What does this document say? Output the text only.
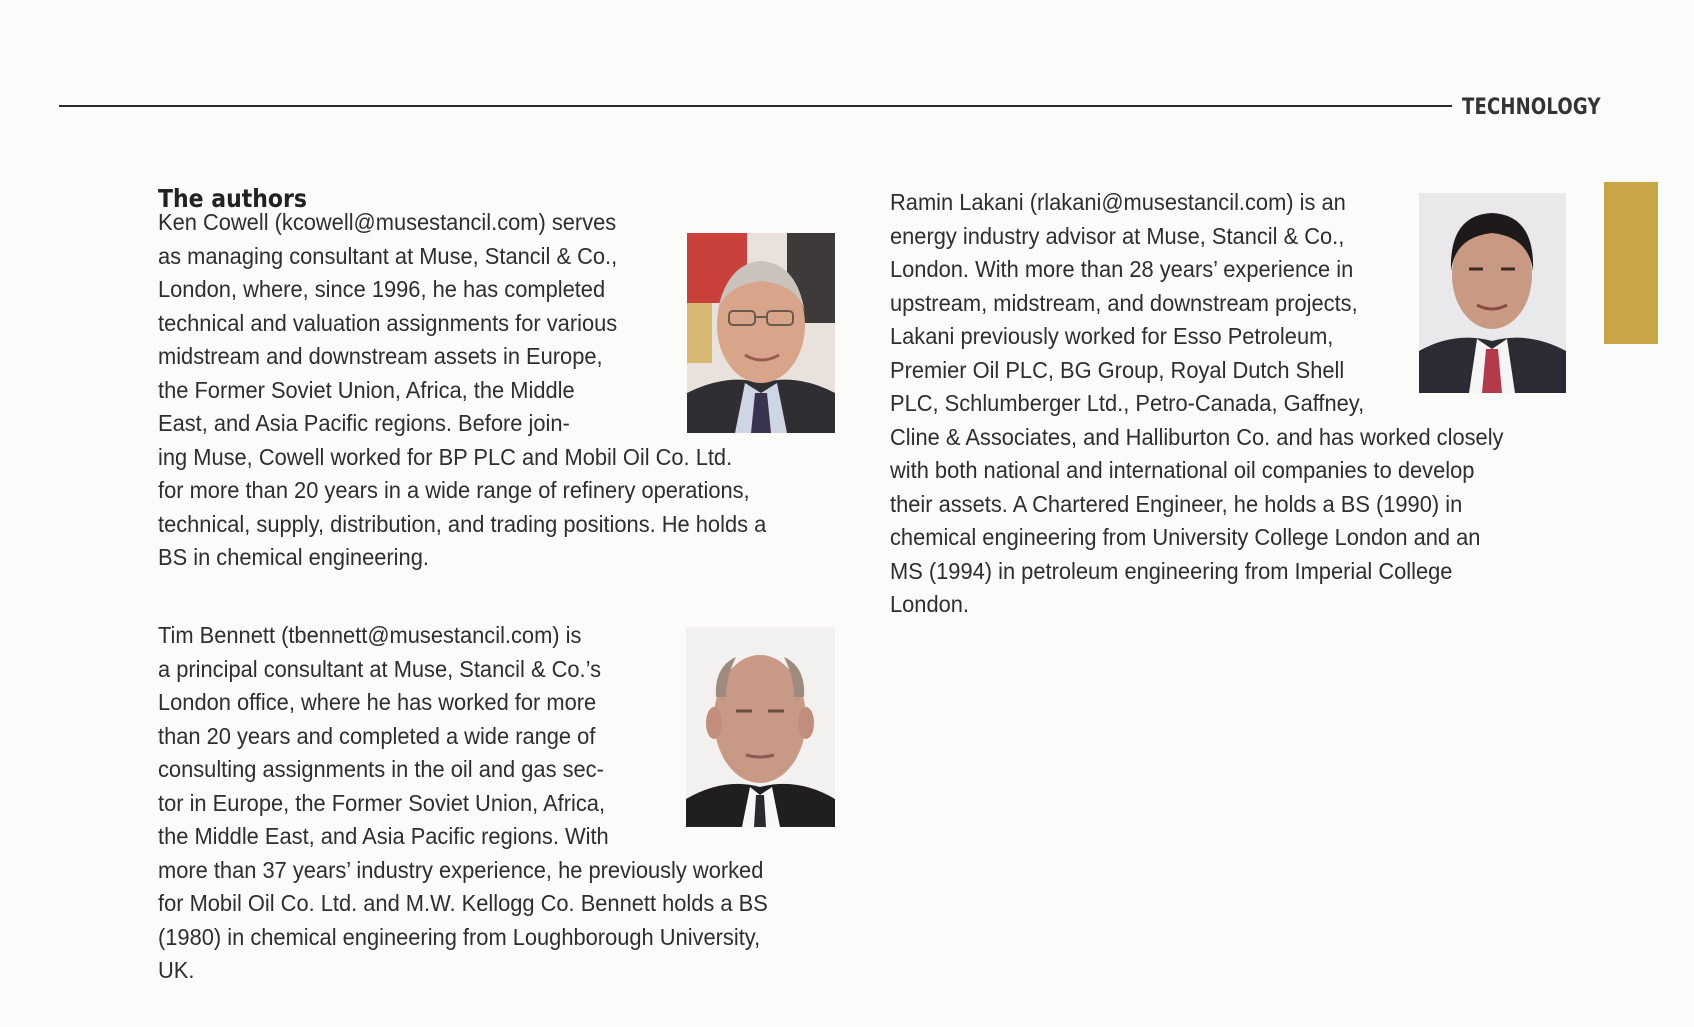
TECHNOLOGY
The authors

Ken Cowell (kcowell@musestancil.com) serves
as managing consultant at Muse, Stancil & Co.,
London, where, since 1996, he has completed
technical and valuation assignments for various
midstream and downstream assets in Europe,
the Former Soviet Union, Africa, the Middle
East, and Asia Pacific regions. Before join-
ing Muse, Cowell worked for BP PLC and Mobil Oil Co. Ltd.
for more than 20 years in a wide range of refinery operations,
technical, supply, distribution, and trading positions. He holds a
BS in chemical engineering.

Tim Bennett (tbennett@musestancil.com) is
a principal consultant at Muse, Stancil & Co.’s
London office, where he has worked for more
than 20 years and completed a wide range of
consulting assignments in the oil and gas sec-
tor in Europe, the Former Soviet Union, Africa,
the Middle East, and Asia Pacific regions. With
more than 37 years’ industry experience, he previously worked
for Mobil Oil Co. Ltd. and M.W. Kellogg Co. Bennett holds a BS
(1980) in chemical engineering from Loughborough University,
UK.

Ramin Lakani (rlakani@musestancil.com) is an
energy industry advisor at Muse, Stancil & Co.,
London. With more than 28 years’ experience in
upstream, midstream, and downstream projects,
Lakani previously worked for Esso Petroleum,
Premier Oil PLC, BG Group, Royal Dutch Shell
PLC, Schlumberger Ltd., Petro-Canada, Gaffney,
Cline & Associates, and Halliburton Co. and has worked closely
with both national and international oil companies to develop
their assets. A Chartered Engineer, he holds a BS (1990) in
chemical engineering from University College London and an
MS (1994) in petroleum engineering from Imperial College
London.
